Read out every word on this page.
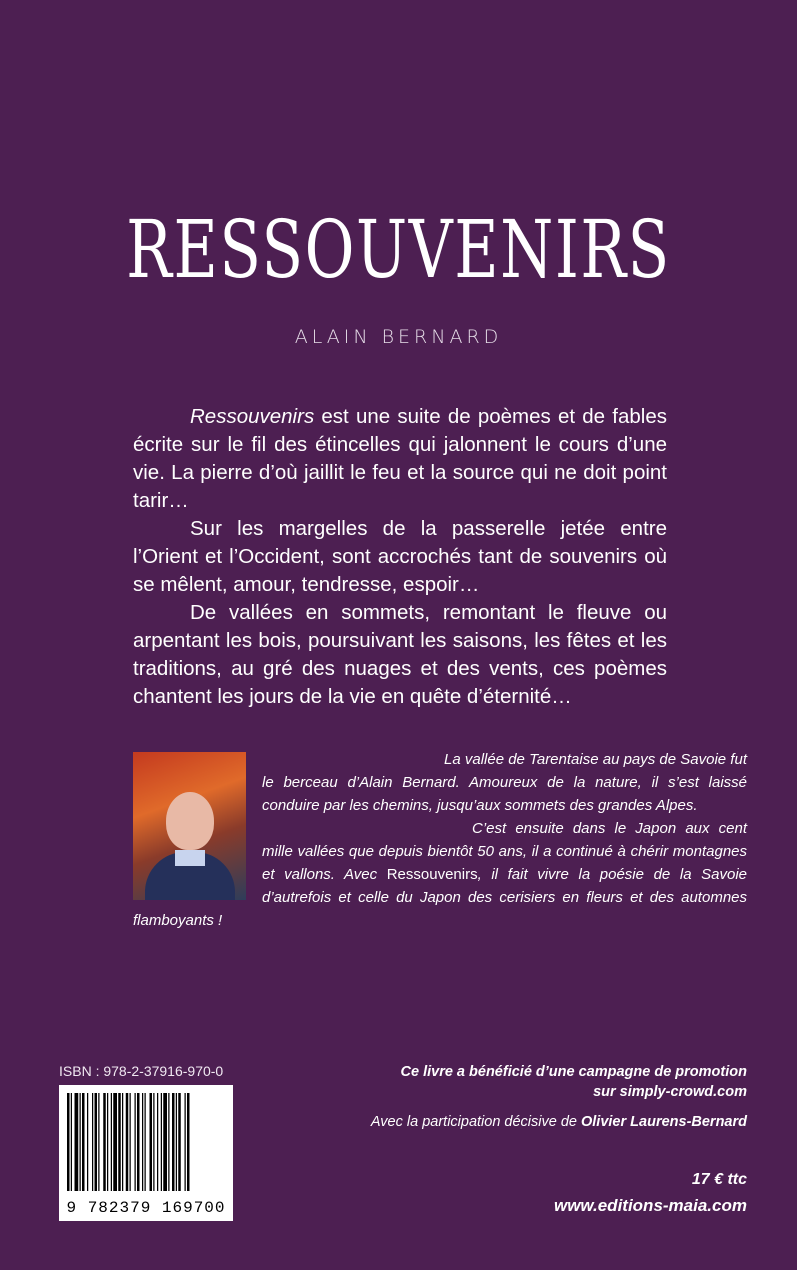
RESSOUVENIRS
ALAIN BERNARD

Ressouvenirs est une suite de poèmes et de fables écrite sur le fil des étincelles qui jalonnent le cours d’une vie. La pierre d’où jaillit le feu et la source qui ne doit point tarir…

Sur les margelles de la passerelle jetée entre l’Orient et l’Occident, sont accrochés tant de souvenirs où se mêlent, amour, tendresse, espoir…

De vallées en sommets, remontant le fleuve ou arpentant les bois, poursuivant les saisons, les fêtes et les traditions, au gré des nuages et des vents, ces poèmes chantent les jours de la vie en quête d’éternité…

La vallée de Tarentaise au pays de Savoie fut le berceau d’Alain Bernard. Amoureux de la nature, il s’est laissé conduire par les chemins, jusqu’aux sommets des grandes Alpes.

C’est ensuite dans le Japon aux cent mille vallées que depuis bientôt 50 ans, il a continué à chérir montagnes et vallons. Avec Ressouvenirs, il fait vivre la poésie de la Savoie d’autrefois et celle du Japon des cerisiers en fleurs et des automnes flamboyants !

ISBN : 978-2-37916-970-0
9 782379 169700
Ce livre a bénéficié d’une campagne de promotion
sur simply-crowd.com
Avec la participation décisive de Olivier Laurens-Bernard
17 € ttc
www.editions-maia.com
